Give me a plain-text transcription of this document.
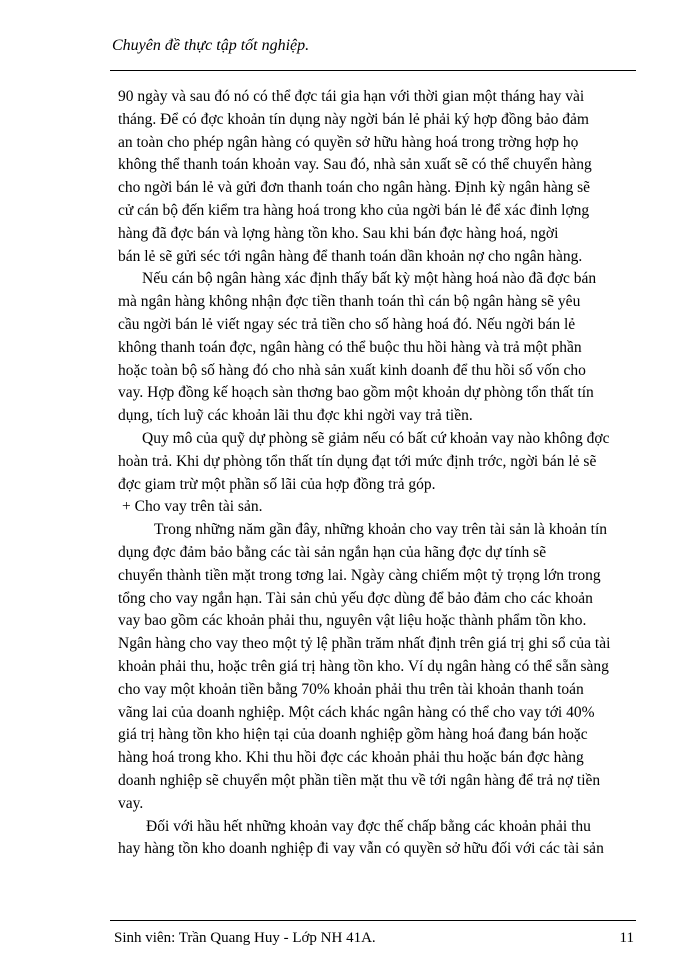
Chuyên đề thực tập tốt nghiệp.
90 ngày và sau đó nó có thể đợc tái gia hạn với thời gian một tháng hay vài
tháng. Để có đợc khoản tín dụng này ngời bán lẻ phải ký hợp đồng bảo đảm
an toàn cho phép ngân hàng có quyền sở hữu hàng hoá trong trờng hợp họ
không thể thanh toán khoản vay. Sau đó, nhà sản xuất sẽ có thể chuyển hàng
cho ngời bán lẻ và gửi đơn thanh toán cho ngân hàng. Định kỳ ngân hàng sẽ
cử cán bộ đến kiểm tra hàng hoá trong kho của ngời bán lẻ để xác đinh lợng
hàng đã đợc bán và lợng hàng tồn kho. Sau khi bán đợc hàng hoá, ngời
bán lẻ sẽ gửi séc tới ngân hàng để thanh toán dần khoản nợ cho ngân hàng.
Nếu cán bộ ngân hàng xác định thấy bất kỳ một hàng hoá nào đã đợc bán
mà ngân hàng không nhận đợc tiền thanh toán thì cán bộ ngân hàng sẽ yêu
cầu ngời bán lẻ viết ngay séc trả tiền cho số hàng hoá đó. Nếu ngời bán lẻ
không thanh toán đợc, ngân hàng có thể buộc thu hồi hàng và trả một phần
hoặc toàn bộ số hàng đó cho nhà sản xuất kinh doanh để thu hồi số vốn cho
vay. Hợp đồng kế hoạch sàn thơng bao gồm một khoản dự phòng tổn thất tín
dụng, tích luỹ các khoản lãi thu đợc khi ngời vay trả tiền.
Quy mô của quỹ dự phòng sẽ giảm nếu có bất cứ khoản vay nào không đợc
hoàn trả. Khi dự phòng tổn thất tín dụng đạt tới mức định trớc, ngời bán lẻ sẽ
đợc giam trừ một phần số lãi của hợp đồng trả góp.
+ Cho vay trên tài sản.
Trong những năm gần đây, những khoản cho vay trên tài sản là khoản tín
dụng đợc đảm bảo bằng các tài sản ngắn hạn của hãng đợc dự tính sẽ
chuyển thành tiền mặt trong tơng lai. Ngày càng chiếm một tỷ trọng lớn trong
tổng cho vay ngắn hạn. Tài sản chủ yếu đợc dùng để bảo đảm cho các khoản
vay bao gồm các khoản phải thu, nguyên vật liệu hoặc thành phẩm tồn kho.
Ngân hàng cho vay theo một tỷ lệ phần trăm nhất định trên giá trị ghi sổ của tài
khoản phải thu, hoặc trên giá trị hàng tồn kho. Ví dụ ngân hàng có thể sẵn sàng
cho vay một khoản tiền bằng 70% khoản phải thu trên tài khoản thanh toán
vãng lai của doanh nghiệp. Một cách khác ngân hàng có thể cho vay tới 40%
giá trị hàng tồn kho hiện tại của doanh nghiệp gồm hàng hoá đang bán hoặc
hàng hoá trong kho. Khi thu hồi đợc các khoản phải thu hoặc bán đợc hàng
doanh nghiệp sẽ chuyển một phần tiền mặt thu về tới ngân hàng để trả nợ tiền
vay.
Đối với hầu hết những khoản vay đợc thế chấp bằng các khoản phải thu
hay hàng tồn kho doanh nghiệp đi vay vẫn có quyền sở hữu đối với các tài sản
Sinh viên: Trần Quang Huy - Lớp NH 41A.	11
